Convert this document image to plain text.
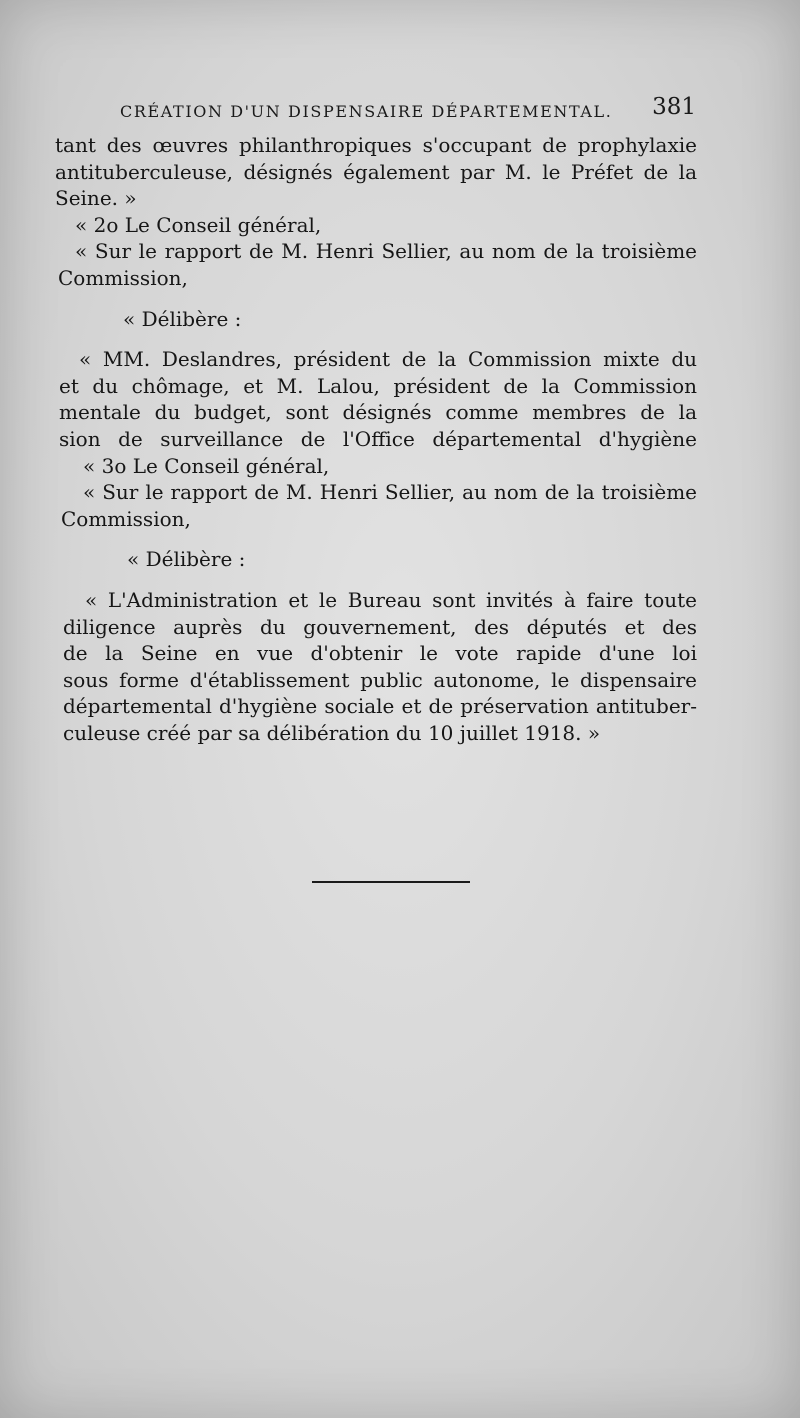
CRÉATION D'UN DISPENSAIRE DÉPARTEMENTAL. 381
tant des œuvres philanthropiques s'occupant de prophylaxie
antituberculeuse, désignés également par M. le Préfet de la
Seine. »
« 2o Le Conseil général,
« Sur le rapport de M. Henri Sellier, au nom de la troisième
Commission,
« Délibère :
« MM. Deslandres, président de la Commission mixte du
et du chômage, et M. Lalou, président de la Commission
mentale du budget, sont désignés comme membres de la
sion de surveillance de l'Office départemental d'hygiène
« 3o Le Conseil général,
« Sur le rapport de M. Henri Sellier, au nom de la troisième
Commission,
« Délibère :
« L'Administration et le Bureau sont invités à faire toute
diligence auprès du gouvernement, des députés et des
de la Seine en vue d'obtenir le vote rapide d'une loi
sous forme d'établissement public autonome, le dispensaire
départemental d'hygiène sociale et de préservation antituber-
culeuse créé par sa délibération du 10 juillet 1918. »
